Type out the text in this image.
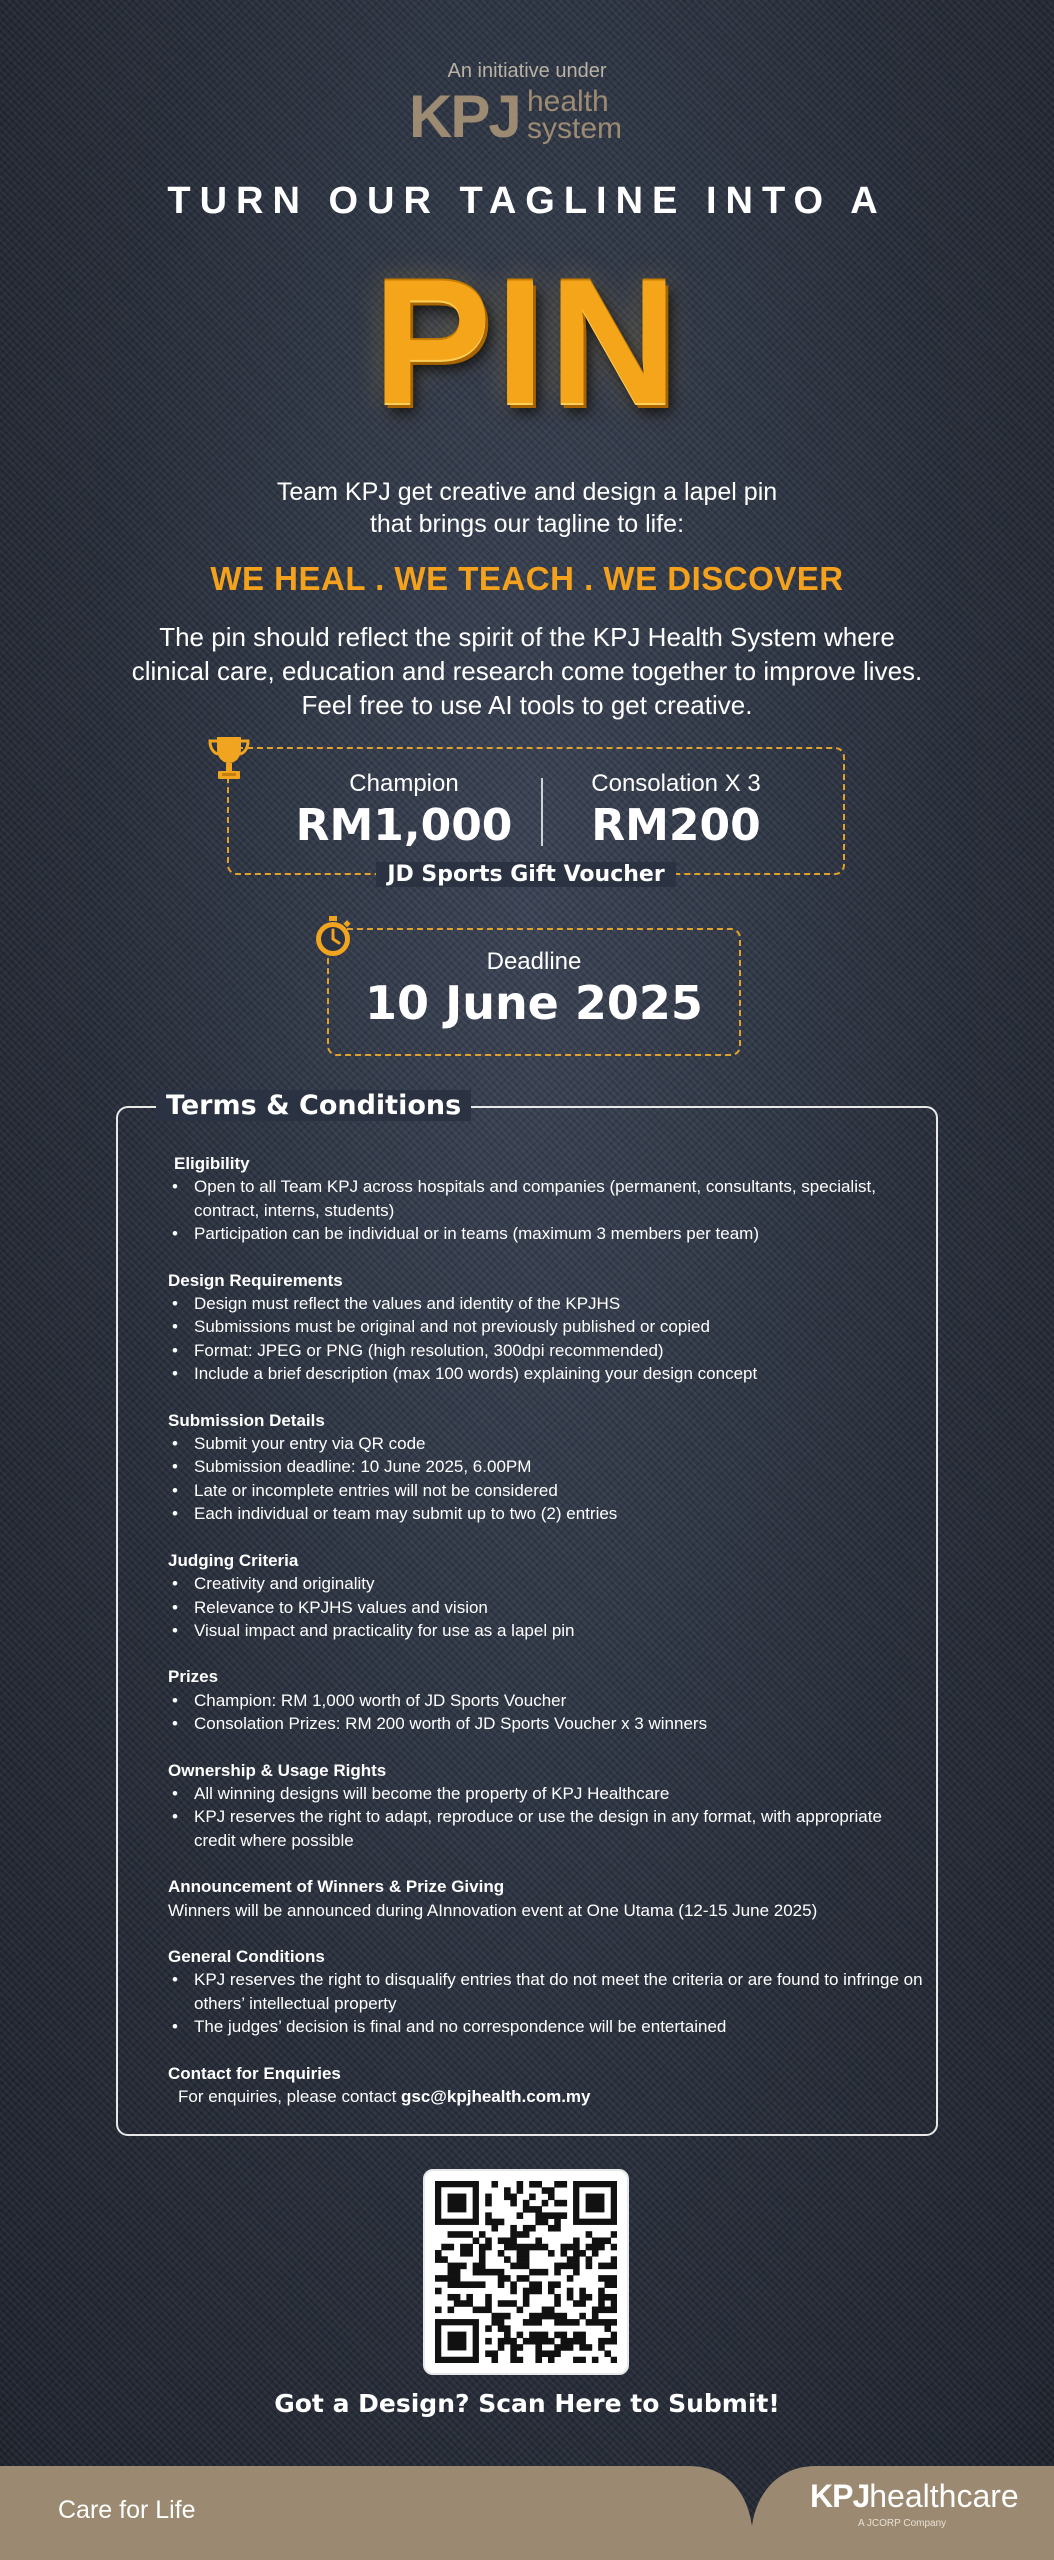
An initiative under
KPJ health
system
TURN OUR TAGLINE INTO A
PIN
Team KPJ get creative and design a lapel pin
that brings our tagline to life:
WE HEAL . WE TEACH . WE DISCOVER
The pin should reflect the spirit of the KPJ Health System where
clinical care, education and research come together to improve lives.
Feel free to use AI tools to get creative.
Champion
RM1,000
Consolation X 3
RM200
JD Sports Gift Voucher
Deadline
10 June 2025
Terms & Conditions
Eligibility
• Open to all Team KPJ across hospitals and companies (permanent, consultants, specialist, contract, interns, students)
• Participation can be individual or in teams (maximum 3 members per team)
Design Requirements
• Design must reflect the values and identity of the KPJHS
• Submissions must be original and not previously published or copied
• Format: JPEG or PNG (high resolution, 300dpi recommended)
• Include a brief description (max 100 words) explaining your design concept
Submission Details
• Submit your entry via QR code
• Submission deadline: 10 June 2025, 6.00PM
• Late or incomplete entries will not be considered
• Each individual or team may submit up to two (2) entries
Judging Criteria
• Creativity and originality
• Relevance to KPJHS values and vision
• Visual impact and practicality for use as a lapel pin
Prizes
• Champion: RM 1,000 worth of JD Sports Voucher
• Consolation Prizes: RM 200 worth of JD Sports Voucher x 3 winners
Ownership & Usage Rights
• All winning designs will become the property of KPJ Healthcare
• KPJ reserves the right to adapt, reproduce or use the design in any format, with appropriate credit where possible
Announcement of Winners & Prize Giving

Winners will be announced during AInnovation event at One Utama (12-15 June 2025)

General Conditions
• KPJ reserves the right to disqualify entries that do not meet the criteria or are found to infringe on others’ intellectual property
• The judges’ decision is final and no correspondence will be entertained
Contact for Enquiries

For enquiries, please contact gsc@kpjhealth.com.my

Got a Design? Scan Here to Submit!
Care for Life	KPJhealthcare
A JCORP Company
